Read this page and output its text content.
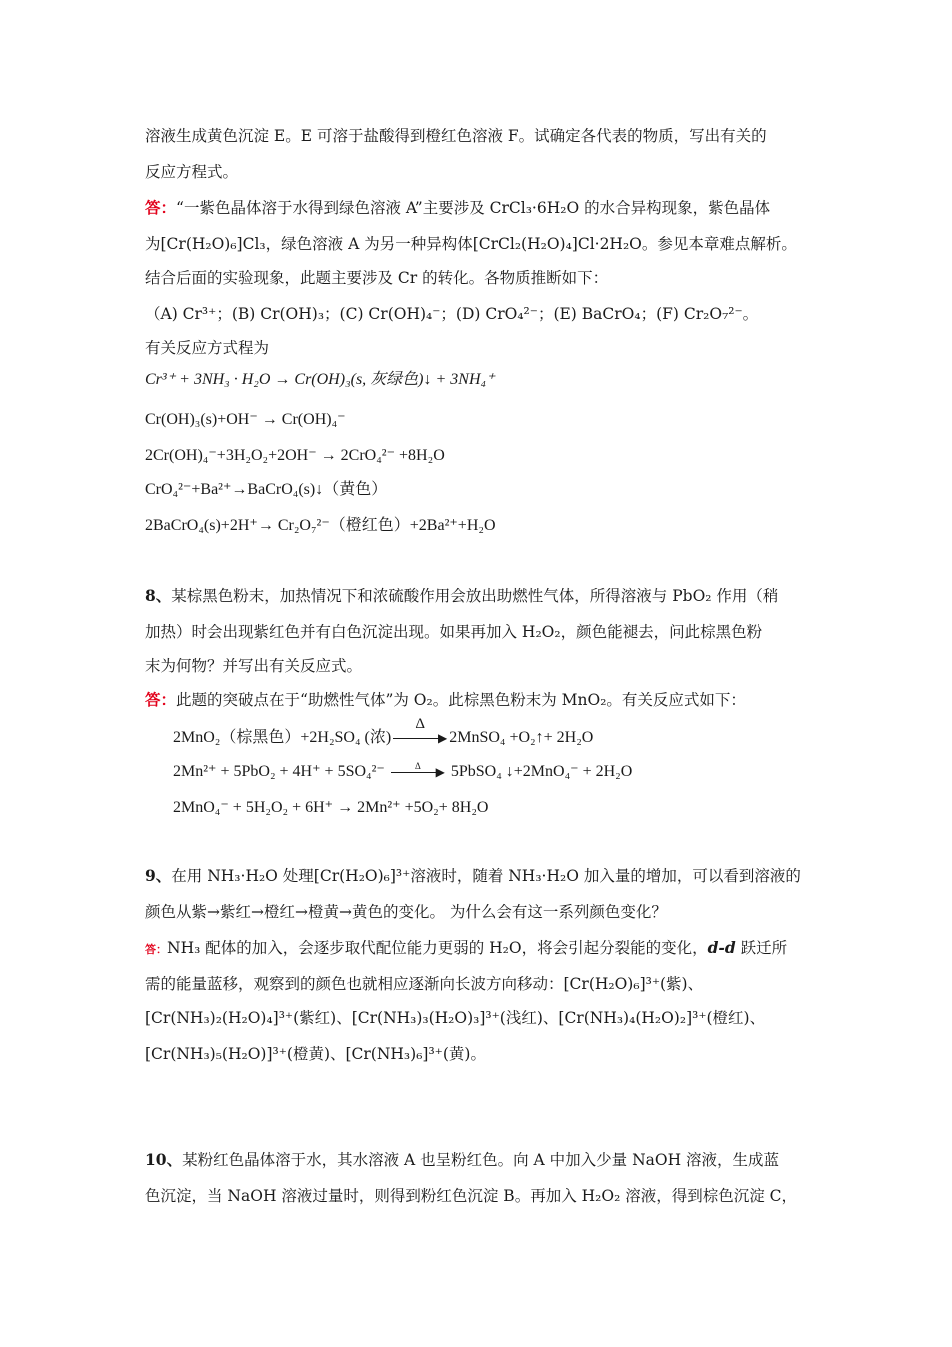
溶液生成黄色沉淀 E。E 可溶于盐酸得到橙红色溶液 F。试确定各代表的物质，写出有关的
反应方程式。
答：“一紫色晶体溶于水得到绿色溶液 A”主要涉及 CrCl₃·6H₂O 的水合异构现象，紫色晶体
为[Cr(H₂O)₆]Cl₃，绿色溶液 A 为另一种异构体[CrCl₂(H₂O)₄]Cl·2H₂O。参见本章难点解析。
结合后面的实验现象，此题主要涉及 Cr 的转化。各物质推断如下：
（A) Cr³⁺；(B) Cr(OH)₃；(C) Cr(OH)₄⁻；(D) CrO₄²⁻；(E) BaCrO₄；(F) Cr₂O₇²⁻。
有关反应方式程为
Cr³⁺ + 3NH₃ · H₂O → Cr(OH)₃(s, 灰绿色)↓ + 3NH₄⁺
Cr(OH)₃(s)+OH⁻ → Cr(OH)₄⁻
2Cr(OH)₄⁻+3H₂O₂+2OH⁻ → 2CrO₄²⁻ +8H₂O
CrO₄²⁻+Ba²⁺→BaCrO₄(s)↓（黄色）
2BaCrO₄(s)+2H⁺→ Cr₂O₇²⁻（橙红色）+2Ba²⁺+H₂O
8、某棕黑色粉末，加热情况下和浓硫酸作用会放出助燃性气体，所得溶液与 PbO₂ 作用（稍
加热）时会出现紫红色并有白色沉淀出现。如果再加入 H₂O₂，颜色能褪去，问此棕黑色粉
末为何物？并写出有关反应式。
答：此题的突破点在于“助燃性气体”为 O₂。此棕黑色粉末为 MnO₂。有关反应式如下：
2MnO₂（棕黑色）+2H₂SO₄ (浓)
Δ
▶ 2MnSO₄ +O₂↑+ 2H₂O
2Mn²⁺ + 5PbO₂ + 4H⁺ + 5SO₄²⁻	Δ	▶ 5PbSO₄ ↓+2MnO₄⁻ + 2H₂O
2MnO₄⁻ + 5H₂O₂ + 6H⁺ → 2Mn²⁺ +5O₂+ 8H₂O
9、在用 NH₃·H₂O 处理[Cr(H₂O)₆]³⁺溶液时，随着 NH₃·H₂O 加入量的增加，可以看到溶液的
颜色从紫→紫红→橙红→橙黄→黄色的变化。 为什么会有这一系列颜色变化？
答：NH₃ 配体的加入，会逐步取代配位能力更弱的 H₂O，将会引起分裂能的变化，d-d 跃迁所
需的能量蓝移，观察到的颜色也就相应逐渐向长波方向移动：[Cr(H₂O)₆]³⁺(紫)、
[Cr(NH₃)₂(H₂O)₄]³⁺(紫红)、[Cr(NH₃)₃(H₂O)₃]³⁺(浅红)、[Cr(NH₃)₄(H₂O)₂]³⁺(橙红)、
[Cr(NH₃)₅(H₂O)]³⁺(橙黄)、[Cr(NH₃)₆]³⁺(黄)。
10、某粉红色晶体溶于水，其水溶液 A 也呈粉红色。向 A 中加入少量 NaOH 溶液，生成蓝
色沉淀，当 NaOH 溶液过量时，则得到粉红色沉淀 B。再加入 H₂O₂ 溶液，得到棕色沉淀 C，
